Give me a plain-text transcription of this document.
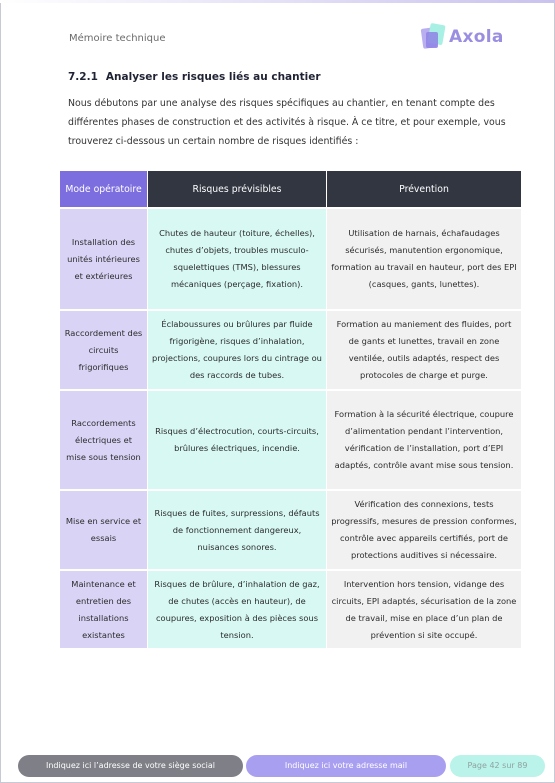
Mémoire technique	Axola
7.2.1 Analyser les risques liés au chantier
Nous débutons par une analyse des risques spécifiques au chantier, en tenant compte des différentes phases de construction et des activités à risque. À ce titre, et pour exemple, vous trouverez ci-dessous un certain nombre de risques identifiés :
Mode opératoire	Risques prévisibles	Prévention
Installation des unités intérieures et extérieures	Chutes de hauteur (toiture, échelles), chutes d’objets, troubles musculo-squelettiques (TMS), blessures mécaniques (perçage, fixation).	Utilisation de harnais, échafaudages sécurisés, manutention ergonomique, formation au travail en hauteur, port des EPI (casques, gants, lunettes).
Raccordement des circuits frigorifiques	Éclaboussures ou brûlures par fluide frigorigène, risques d’inhalation, projections, coupures lors du cintrage ou des raccords de tubes.	Formation au maniement des fluides, port de gants et lunettes, travail en zone ventilée, outils adaptés, respect des protocoles de charge et purge.
Raccordements électriques et mise sous tension	Risques d’électrocution, courts-circuits, brûlures électriques, incendie.	Formation à la sécurité électrique, coupure d’alimentation pendant l’intervention, vérification de l’installation, port d’EPI adaptés, contrôle avant mise sous tension.
Mise en service et essais	Risques de fuites, surpressions, défauts de fonctionnement dangereux, nuisances sonores.	Vérification des connexions, tests progressifs, mesures de pression conformes, contrôle avec appareils certifiés, port de protections auditives si nécessaire.
Maintenance et entretien des installations existantes	Risques de brûlure, d’inhalation de gaz, de chutes (accès en hauteur), de coupures, exposition à des pièces sous tension.	Intervention hors tension, vidange des circuits, EPI adaptés, sécurisation de la zone de travail, mise en place d’un plan de prévention si site occupé.
Indiquez ici l’adresse de votre siège social	Indiquez ici votre adresse mail	Page 42 sur 89
